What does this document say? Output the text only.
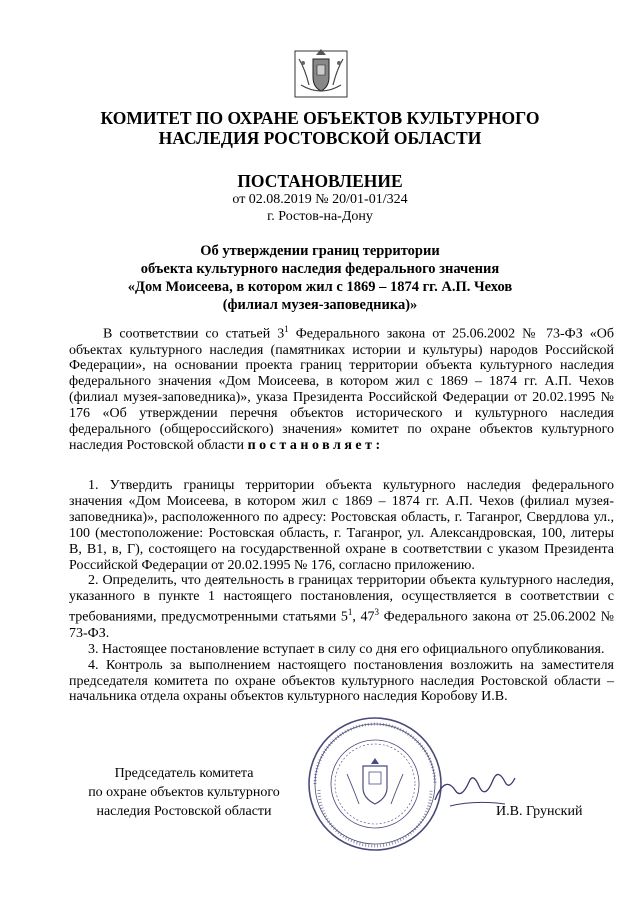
КОМИТЕТ ПО ОХРАНЕ ОБЪЕКТОВ КУЛЬТУРНОГО
НАСЛЕДИЯ РОСТОВСКОЙ ОБЛАСТИ
ПОСТАНОВЛЕНИЕ
от 02.08.2019 № 20/01-01/324
г. Ростов-на-Дону
Об утверждении границ территории
объекта культурного наследия федерального значения
«Дом Моисеева, в котором жил с 1869 – 1874 гг. А.П. Чехов
(филиал музея-заповедника)»

В соответствии со статьей $3^1$ Федерального закона от 25.06.2002 № 73-ФЗ «Об объектах культурного наследия (памятниках истории и культуры) народов Российской Федерации», на основании проекта границ территории объекта культурного наследия федерального значения «Дом Моисеева, в котором жил с 1869 – 1874 гг. А.П. Чехов (филиал музея-заповедника)», указа Президента Российской Федерации от 20.02.1995 № 176 «Об утверждении перечня объектов исторического и культурного наследия федерального (общероссийского) значения» комитет по охране объектов культурного наследия Ростовской области постановляет:

1. Утвердить границы территории объекта культурного наследия федерального значения «Дом Моисеева, в котором жил с 1869 – 1874 гг. А.П. Чехов (филиал музея-заповедника)», расположенного по адресу: Ростовская область, г. Таганрог, Свердлова ул., 100 (местоположение: Ростовская область, г. Таганрог, ул. Александровская, 100, литеры В, В1, в, Г), состоящего на государственной охране в соответствии с указом Президента Российской Федерации от 20.02.1995 № 176, согласно приложению.

2. Определить, что деятельность в границах территории объекта культурного наследия, указанного в пункте 1 настоящего постановления, осуществляется в соответствии с требованиями, предусмотренными статьями $5^1$, $47^3$ Федерального закона от 25.06.2002 № 73-ФЗ.

3. Настоящее постановление вступает в силу со дня его официального опубликования.

4. Контроль за выполнением настоящего постановления возложить на заместителя председателя комитета по охране объектов культурного наследия Ростовской области – начальника отдела охраны объектов культурного наследия Коробову И.В.

Председатель комитета
по охране объектов культурного
наследия Ростовской области	И.В. Грунский
